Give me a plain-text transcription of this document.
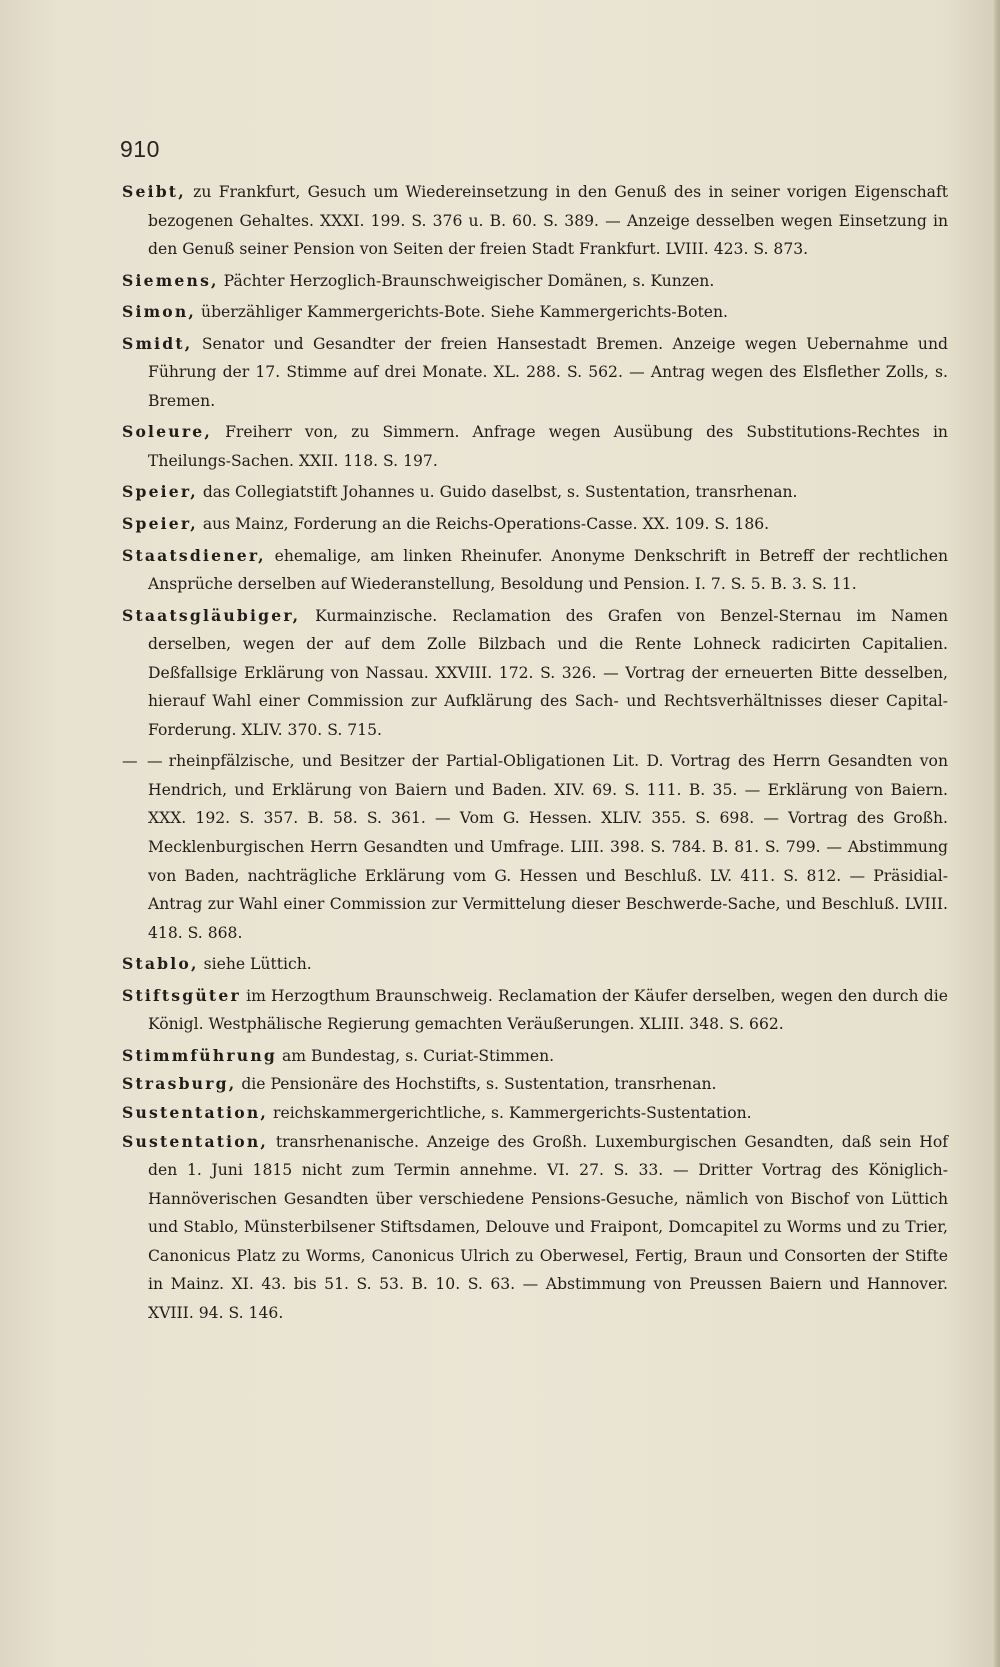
910

Seibt, zu Frankfurt, Gesuch um Wiedereinsetzung in den Genuß des in seiner vorigen Eigenschaft bezogenen Gehaltes. XXXI. 199. S. 376 u. B. 60. S. 389. — Anzeige desselben wegen Einsetzung in den Genuß seiner Pension von Seiten der freien Stadt Frankfurt. LVIII. 423. S. 873.

Siemens, Pächter Herzoglich-Braunschweigischer Domänen, s. Kunzen.

Simon, überzähliger Kammergerichts-Bote. Siehe Kammergerichts-Boten.

Smidt, Senator und Gesandter der freien Hansestadt Bremen. Anzeige wegen Uebernahme und Führung der 17. Stimme auf drei Monate. XL. 288. S. 562. — Antrag wegen des Elsflether Zolls, s. Bremen.

Soleure, Freiherr von, zu Simmern. Anfrage wegen Ausübung des Substitutions-Rechtes in Theilungs-Sachen. XXII. 118. S. 197.

Speier, das Collegiatstift Johannes u. Guido daselbst, s. Sustentation, transrhenan.

Speier, aus Mainz, Forderung an die Reichs-Operations-Casse. XX. 109. S. 186.

Staatsdiener, ehemalige, am linken Rheinufer. Anonyme Denkschrift in Betreff der rechtlichen Ansprüche derselben auf Wiederanstellung, Besoldung und Pension. I. 7. S. 5. B. 3. S. 11.

Staatsgläubiger, Kurmainzische. Reclamation des Grafen von Benzel-Sternau im Namen derselben, wegen der auf dem Zolle Bilzbach und die Rente Lohneck radicirten Capitalien. Deßfallsige Erklärung von Nassau. XXVIII. 172. S. 326. — Vortrag der erneuerten Bitte desselben, hierauf Wahl einer Commission zur Aufklärung des Sach- und Rechtsverhältnisses dieser Capital-Forderung. XLIV. 370. S. 715.

— — rheinpfälzische, und Besitzer der Partial-Obligationen Lit. D. Vortrag des Herrn Gesandten von Hendrich, und Erklärung von Baiern und Baden. XIV. 69. S. 111. B. 35. — Erklärung von Baiern. XXX. 192. S. 357. B. 58. S. 361. — Vom G. Hessen. XLIV. 355. S. 698. — Vortrag des Großh. Mecklenburgischen Herrn Gesandten und Umfrage. LIII. 398. S. 784. B. 81. S. 799. — Abstimmung von Baden, nachträgliche Erklärung vom G. Hessen und Beschluß. LV. 411. S. 812. — Präsidial-Antrag zur Wahl einer Commission zur Vermittelung dieser Beschwerde-Sache, und Beschluß. LVIII. 418. S. 868.

Stablo, siehe Lüttich.

Stiftsgüter im Herzogthum Braunschweig. Reclamation der Käufer derselben, wegen den durch die Königl. Westphälische Regierung gemachten Veräußerungen. XLIII. 348. S. 662.

Stimmführung am Bundestag, s. Curiat-Stimmen.

Strasburg, die Pensionäre des Hochstifts, s. Sustentation, transrhenan.

Sustentation, reichskammergerichtliche, s. Kammergerichts-Sustentation.

Sustentation, transrhenanische. Anzeige des Großh. Luxemburgischen Gesandten, daß sein Hof den 1. Juni 1815 nicht zum Termin annehme. VI. 27. S. 33. — Dritter Vortrag des Königlich-Hannöverischen Gesandten über verschiedene Pensions-Gesuche, nämlich von Bischof von Lüttich und Stablo, Münsterbilsener Stiftsdamen, Delouve und Fraipont, Domcapitel zu Worms und zu Trier, Canonicus Platz zu Worms, Canonicus Ulrich zu Oberwesel, Fertig, Braun und Consorten der Stifte in Mainz. XI. 43. bis 51. S. 53. B. 10. S. 63. — Abstimmung von Preussen Baiern und Hannover. XVIII. 94. S. 146.
